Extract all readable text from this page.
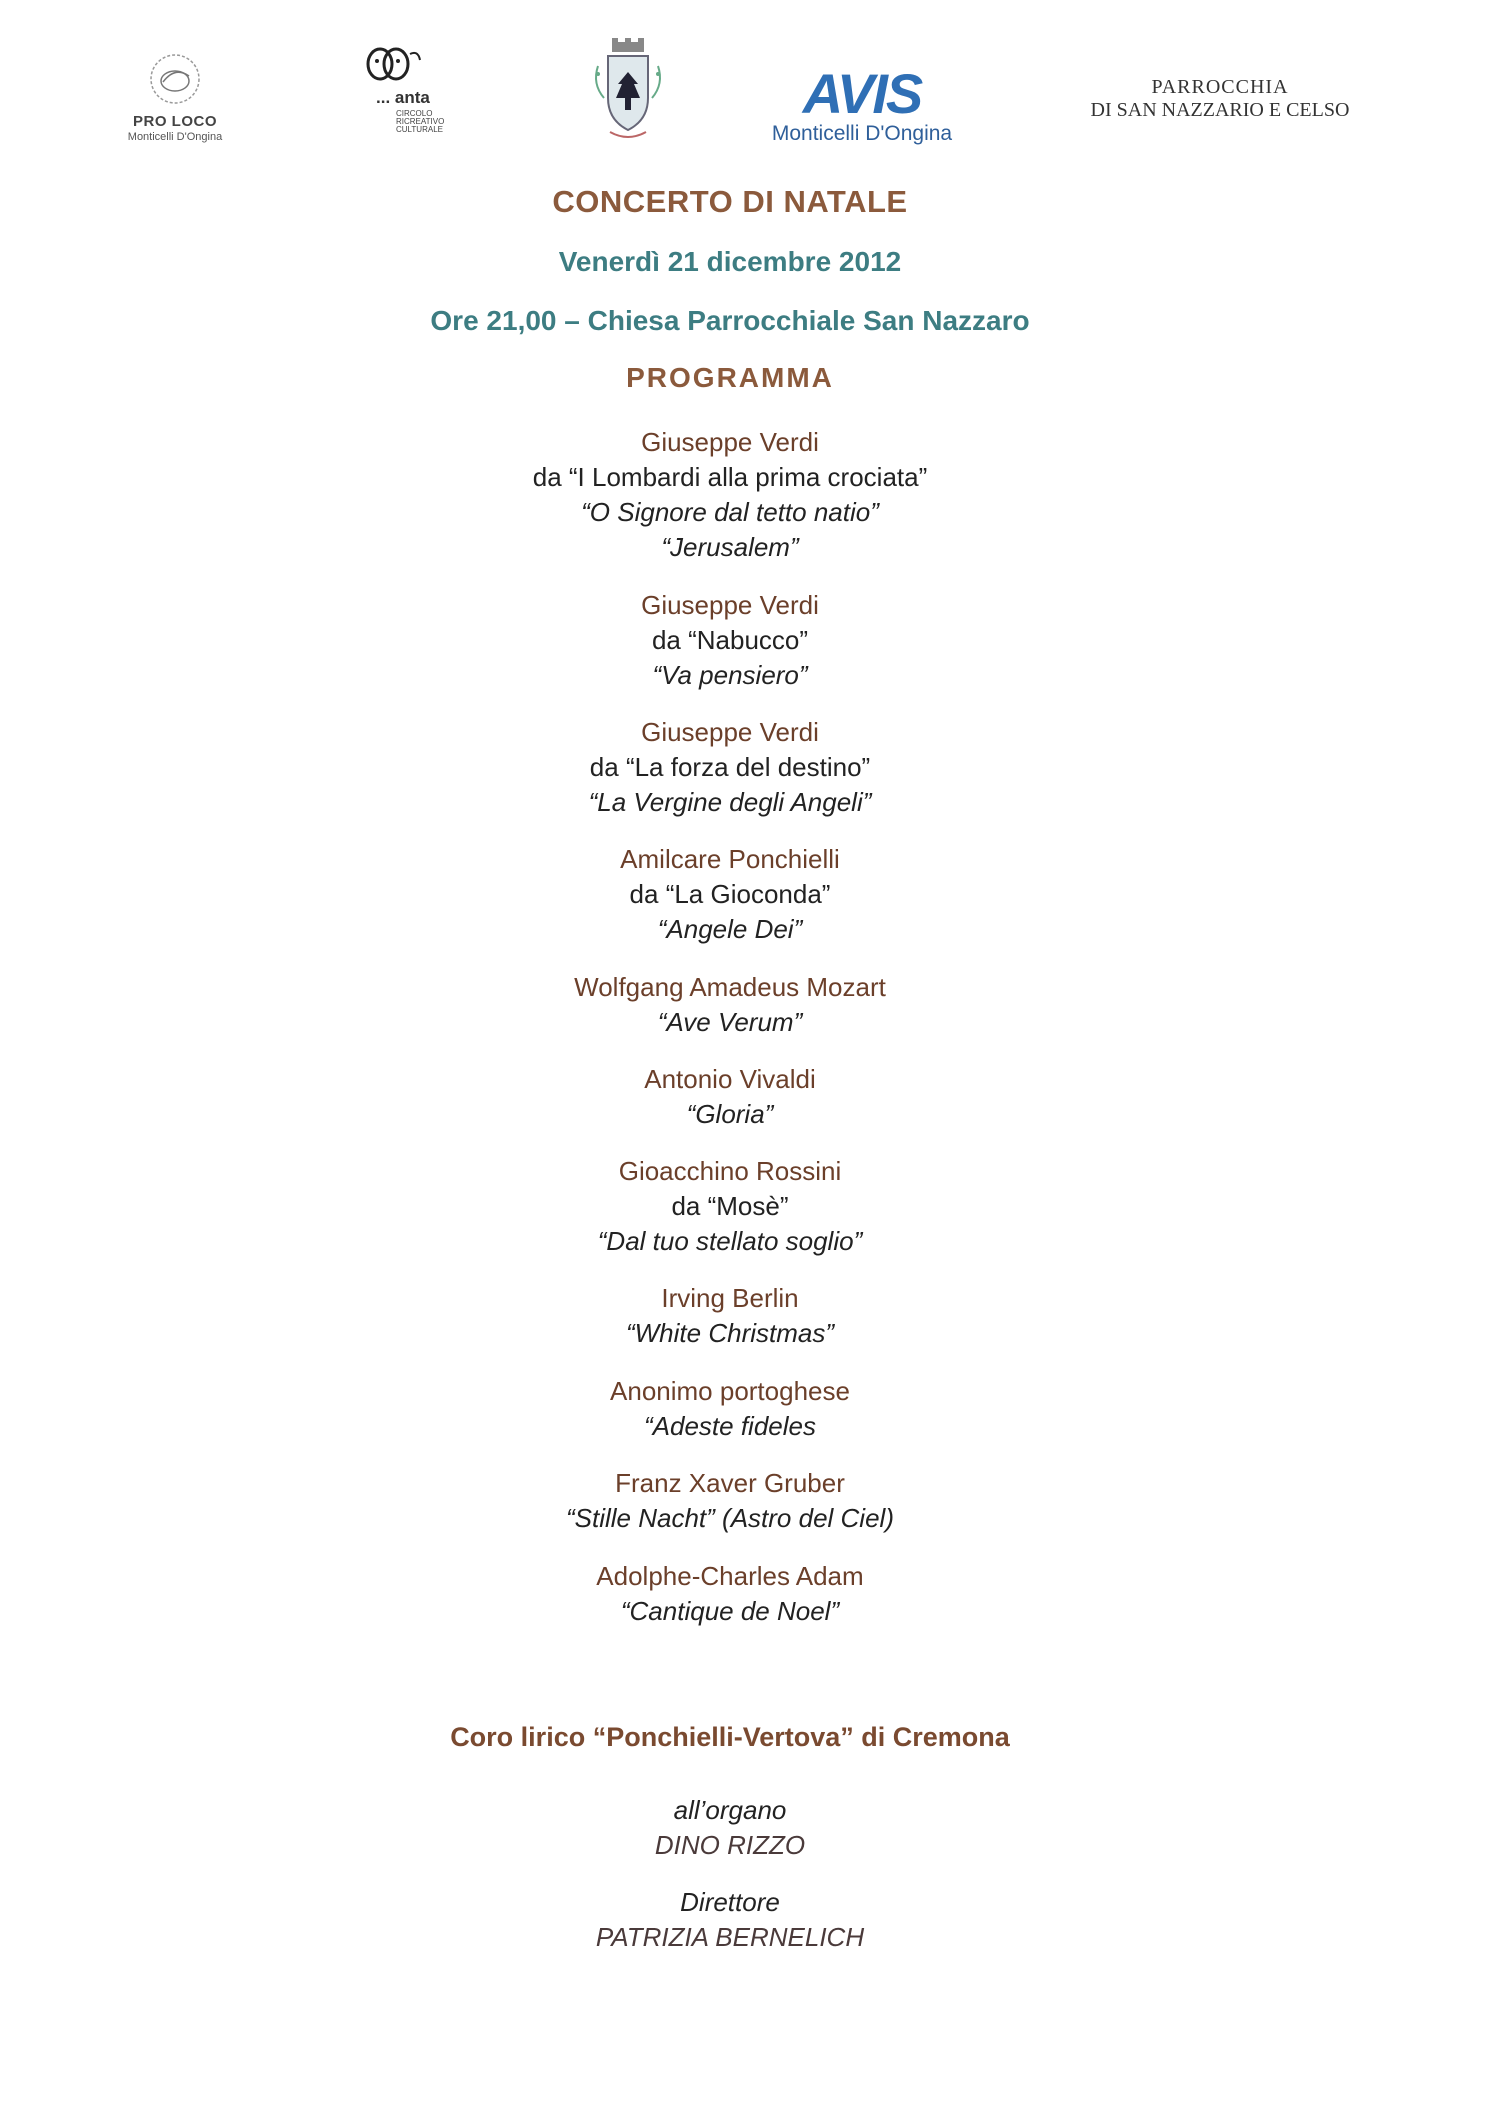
PRO LOCO
Monticelli D'Ongina
... anta
CIRCOLO
RICREATIVO
CULTURALE
AVIS
Monticelli D'Ongina
PARROCCHIA
DI SAN NAZZARIO E CELSO
CONCERTO DI NATALE
Venerdì 21 dicembre 2012
Ore 21,00 – Chiesa Parrocchiale San Nazzaro
PROGRAMMA
Giuseppe Verdi
da “I Lombardi alla prima crociata”
“O Signore dal tetto natio”
“Jerusalem”
Giuseppe Verdi
da “Nabucco”
“Va pensiero”
Giuseppe Verdi
da “La forza del destino”
“La Vergine degli Angeli”
Amilcare Ponchielli
da “La Gioconda”
“Angele Dei”
Wolfgang Amadeus Mozart
“Ave Verum”
Antonio Vivaldi
“Gloria”
Gioacchino Rossini
da “Mosè”
“Dal tuo stellato soglio”
Irving Berlin
“White Christmas”
Anonimo portoghese
“Adeste fideles
Franz Xaver Gruber
“Stille Nacht” (Astro del Ciel)
Adolphe-Charles Adam
“Cantique de Noel”
Coro lirico “Ponchielli-Vertova” di Cremona
all’organo
DINO RIZZO
Direttore
PATRIZIA BERNELICH
